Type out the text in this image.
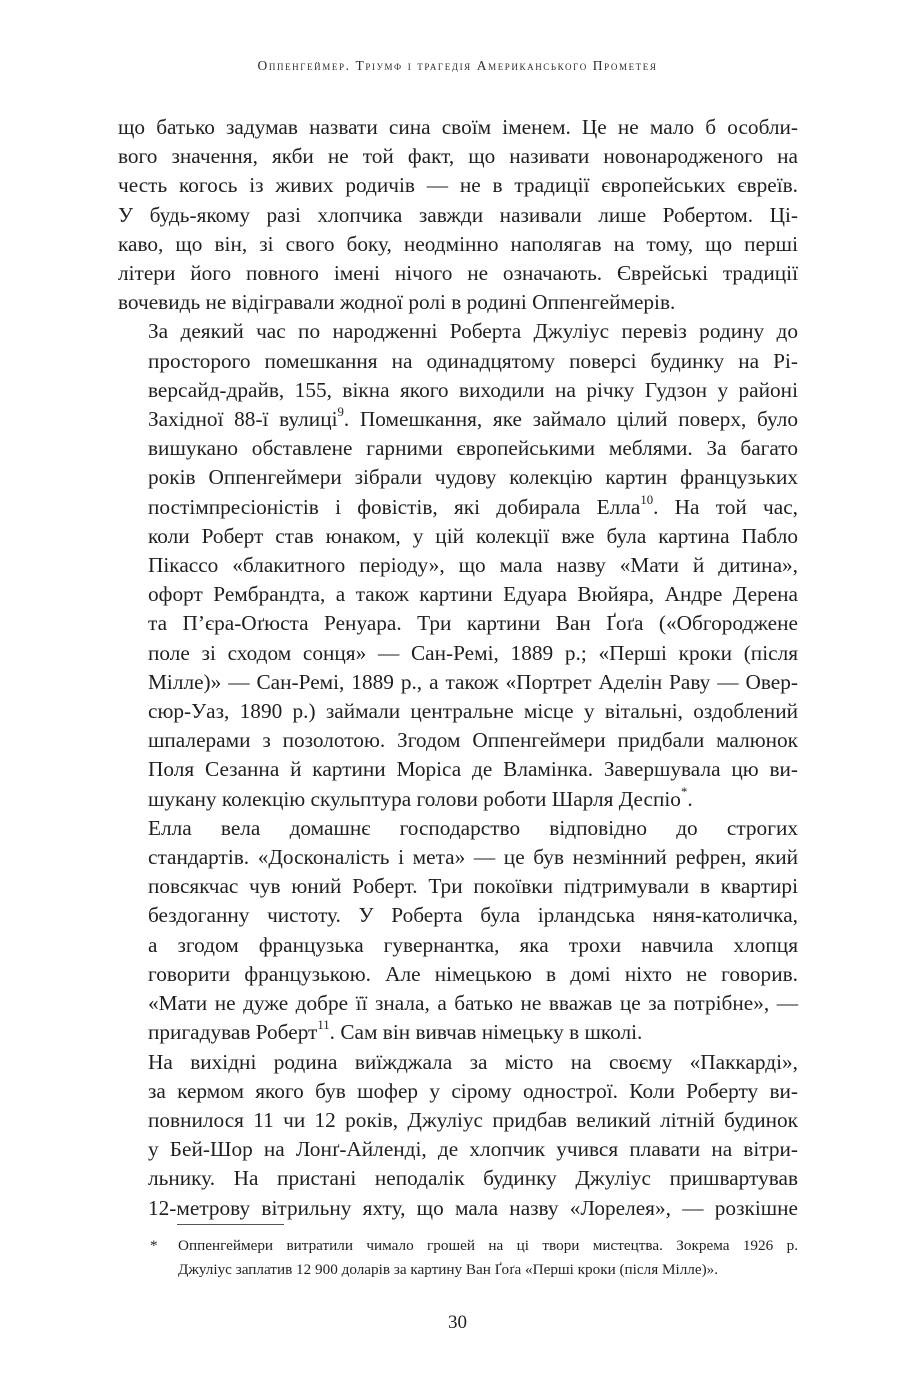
Оппенгеймер. Тріумф і трагедія Американського Прометея

що батько задумав назвати сина своїм іменем. Це не мало б особли-
вого значення, якби не той факт, що називати новонародженого на
честь когось із живих родичів — не в традиції європейських євреїв.
У будь-якому разі хлопчика завжди називали лише Робертом. Ці-
каво, що він, зі свого боку, неодмінно наполягав на тому, що перші
літери його повного імені нічого не означають. Єврейські традиції
вочевидь не відігравали жодної ролі в родині Оппенгеймерів.

За деякий час по народженні Роберта Джуліус перевіз родину до
просторого помешкання на одинадцятому поверсі будинку на Рі-
версайд-драйв, 155, вікна якого виходили на річку Гудзон у районі
Західної 88-ї вулиці$^9$. Помешкання, яке займало цілий поверх, було
вишукано обставлене гарними європейськими меблями. За багато
років Оппенгеймери зібрали чудову колекцію картин французьких
постімпресіоністів і фовістів, які добирала Елла$^{10}$. На той час,
коли Роберт став юнаком, у цій колекції вже була картина Пабло
Пікассо «блакитного періоду», що мала назву «Мати й дитина»,
офорт Рембрандта, а також картини Едуара Вюйяра, Андре Дерена
та П’єра-Оґюста Ренуара. Три картини Ван Ґоґа («Обгороджене
поле зі сходом сонця» — Сан-Ремі, 1889 р.; «Перші кроки (після
Мілле)» — Сан-Ремі, 1889 р., а також «Портрет Аделін Раву — Овер-
сюр-Уаз, 1890 р.) займали центральне місце у вітальні, оздоблений
шпалерами з позолотою. Згодом Оппенгеймери придбали малюнок
Поля Сезанна й картини Моріса де Вламінка. Завершувала цю ви-
шукану колекцію скульптура голови роботи Шарля Деспіо*.

Елла вела домашнє господарство відповідно до строгих
стандартів. «Досконалість і мета» — це був незмінний рефрен, який
повсякчас чув юний Роберт. Три покоївки підтримували в квартирі
бездоганну чистоту. У Роберта була ірландська няня-католичка,
а згодом французька гувернантка, яка трохи навчила хлопця
говорити французькою. Але німецькою в домі ніхто не говорив.
«Мати не дуже добре її знала, а батько не вважав це за потрібне», —
пригадував Роберт$^{11}$. Сам він вивчав німецьку в школі.

На вихідні родина виїжджала за місто на своєму «Паккарді»,
за кермом якого був шофер у сірому однострої. Коли Роберту ви-
повнилося 11 чи 12 років, Джуліус придбав великий літній будинок
у Бей-Шор на Лонґ-Айленді, де хлопчик учився плавати на вітри-
льнику. На пристані неподалік будинку Джуліус пришвартував
12-метрову вітрильну яхту, що мала назву «Лорелея», — розкішне

* Оппенгеймери витратили чимало грошей на ці твори мистецтва. Зокрема 1926 р.
Джуліус заплатив 12 900 доларів за картину Ван Ґоґа «Перші кроки (після Мілле)».
30
